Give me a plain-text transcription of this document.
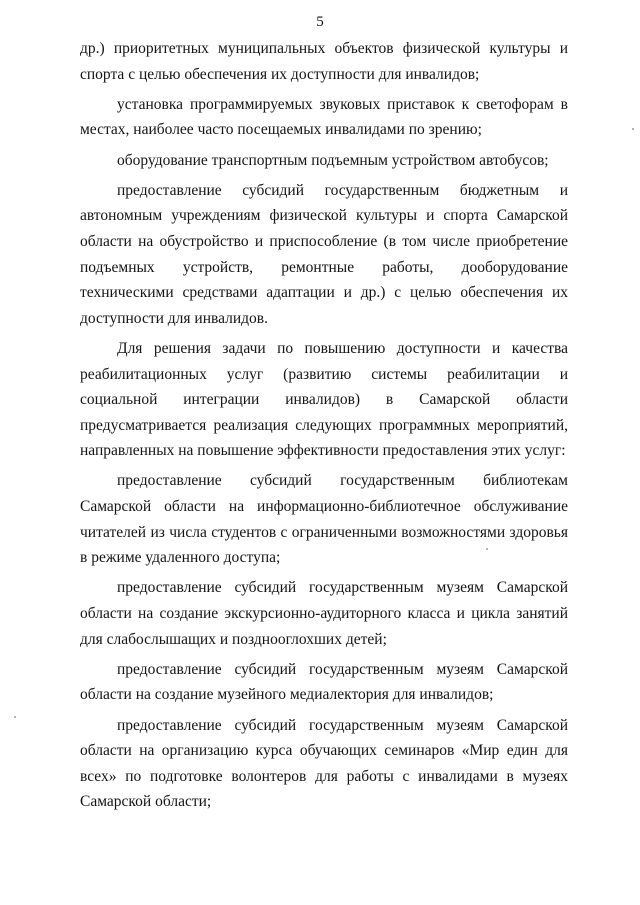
5

др.) приоритетных муниципальных объектов физической культуры и спорта с целью обеспечения их доступности для инвалидов;

установка программируемых звуковых приставок к светофорам в местах, наиболее часто посещаемых инвалидами по зрению;

оборудование транспортным подъемным устройством автобусов;

предоставление субсидий государственным бюджетным и автономным учреждениям физической культуры и спорта Самарской области на обустройство и приспособление (в том числе приобретение подъемных устройств, ремонтные работы, дооборудование техническими средствами адаптации и др.) с целью обеспечения их доступности для инвалидов.

Для решения задачи по повышению доступности и качества реабилитационных услуг (развитию системы реабилитации и социальной интеграции инвалидов) в Самарской области предусматривается реализация следующих программных мероприятий, направленных на повышение эффективности предоставления этих услуг:

предоставление субсидий государственным библиотекам Самарской области на информационно-библиотечное обслуживание читателей из числа студентов с ограниченными возможностями здоровья в режиме удаленного доступа;

предоставление субсидий государственным музеям Самарской области на создание экскурсионно-аудиторного класса и цикла занятий для слабослышащих и позднооглохших детей;

предоставление субсидий государственным музеям Самарской области на создание музейного медиалектория для инвалидов;

предоставление субсидий государственным музеям Самарской области на организацию курса обучающих семинаров «Мир един для всех» по подготовке волонтеров для работы с инвалидами в музеях Самарской области;
